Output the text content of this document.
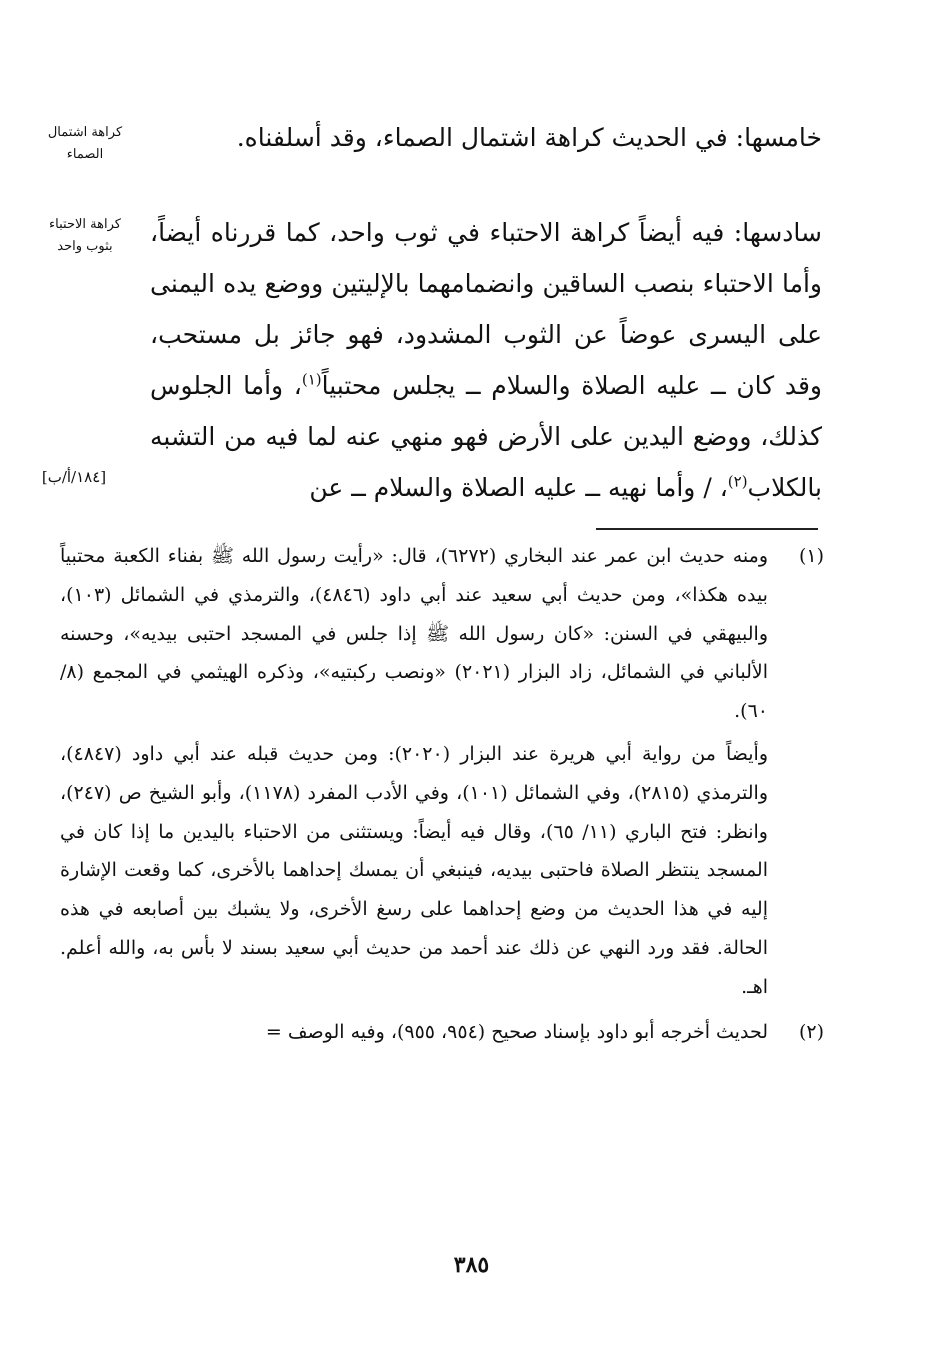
كراهة اشتمال الصماء
كراهة الاحتباء بثوب واحد
[١٨٤/أ/ب]

خامسها: في الحديث كراهة اشتمال الصماء، وقد أسلفناه.

سادسها: فيه أيضاً كراهة الاحتباء في ثوب واحد، كما قررناه أيضاً، وأما الاحتباء بنصب الساقين وانضمامهما بالإليتين ووضع يده اليمنى على اليسرى عوضاً عن الثوب المشدود، فهو جائز بل مستحب، وقد كان ــ عليه الصلاة والسلام ــ يجلس محتبياً$^{(١)}$، وأما الجلوس كذلك، ووضع اليدين على الأرض فهو منهي عنه لما فيه من التشبه بالكلاب$^{(٢)}$، / وأما نهيه ــ عليه الصلاة والسلام ــ عن

(١)

ومنه حديث ابن عمر عند البخاري (٦٢٧٢)، قال: «رأيت رسول الله ﷺ بفناء الكعبة محتبياً بيده هكذا»، ومن حديث أبي سعيد عند أبي داود (٤٨٤٦)، والترمذي في الشمائل (١٠٣)، والبيهقي في السنن: «كان رسول الله ﷺ إذا جلس في المسجد احتبى بيديه»، وحسنه الألباني في الشمائل، زاد البزار (٢٠٢١) «ونصب ركبتيه»، وذكره الهيثمي في المجمع (٨/ ٦٠).

وأيضاً من رواية أبي هريرة عند البزار (٢٠٢٠): ومن حديث قبله عند أبي داود (٤٨٤٧)، والترمذي (٢٨١٥)، وفي الشمائل (١٠١)، وفي الأدب المفرد (١١٧٨)، وأبو الشيخ ص (٢٤٧)، وانظر: فتح الباري (١١/ ٦٥)، وقال فيه أيضاً: ويستثنى من الاحتباء باليدين ما إذا كان في المسجد ينتظر الصلاة فاحتبى بيديه، فينبغي أن يمسك إحداهما بالأخرى، كما وقعت الإشارة إليه في هذا الحديث من وضع إحداهما على رسغ الأخرى، ولا يشبك بين أصابعه في هذه الحالة. فقد ورد النهي عن ذلك عند أحمد من حديث أبي سعيد بسند لا بأس به، والله أعلم. اهـ.

(٢)

لحديث أخرجه أبو داود بإسناد صحيح (٩٥٤، ٩٥٥)، وفيه الوصف =

٣٨٥
